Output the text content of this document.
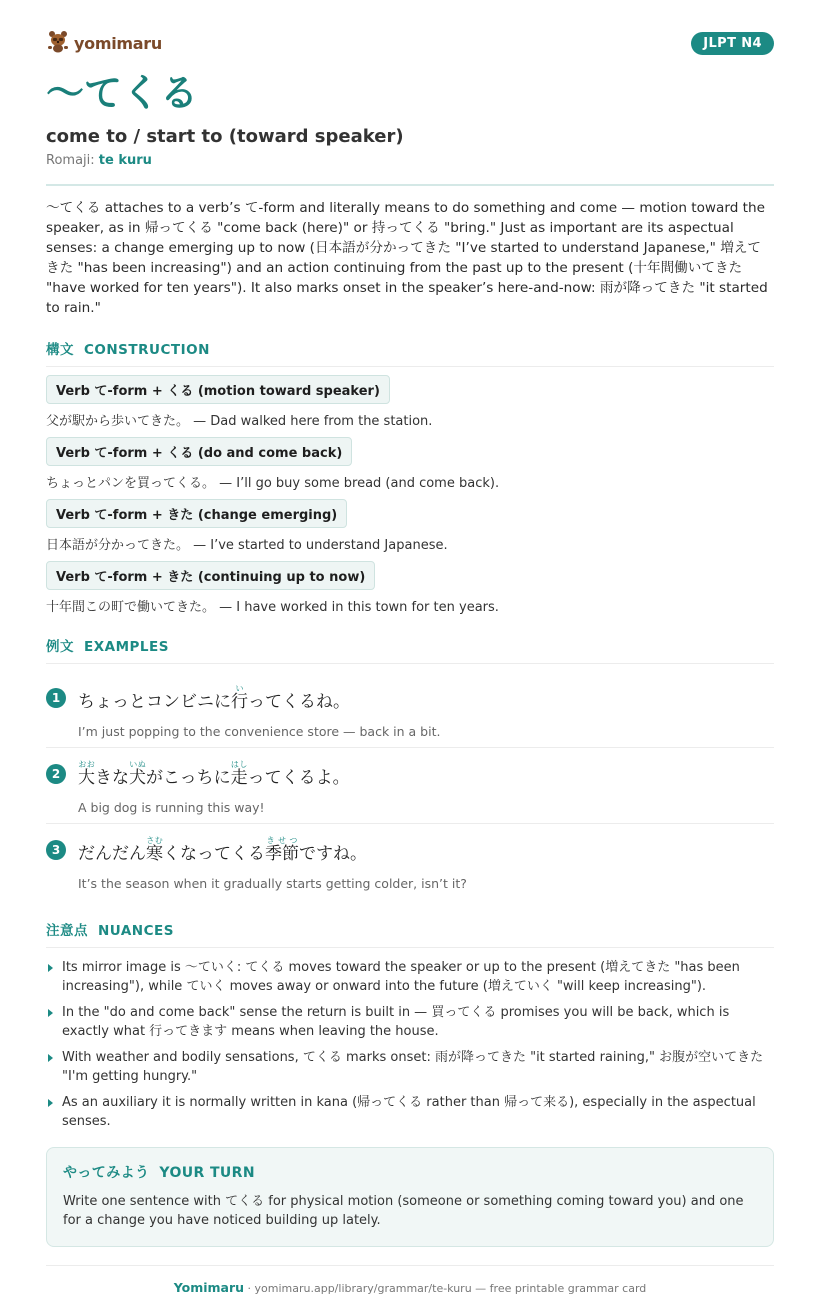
yomimaru	JLPT N4
〜てくる
come to / start to (toward speaker)
Romaji: te kuru

〜てくる attaches to a verb’s て-form and literally means to do something and come — motion toward the speaker, as in 帰ってくる "come back (here)" or 持ってくる "bring." Just as important are its aspectual senses: a change emerging up to now (日本語が分かってきた "I’ve started to understand Japanese," 増えてきた "has been increasing") and an action continuing from the past up to the present (十年間働いてきた "have worked for ten years"). It also marks onset in the speaker’s here-and-now: 雨が降ってきた "it started to rain."

構文 CONSTRUCTION
Verb て-form + くる (motion toward speaker)
父が駅から歩いてきた。 — Dad walked here from the station.
Verb て-form + くる (do and come back)
ちょっとパンを買ってくる。 — I’ll go buy some bread (and come back).
Verb て-form + きた (change emerging)
日本語が分かってきた。 — I’ve started to understand Japanese.
Verb て-form + きた (continuing up to now)
十年間この町で働いてきた。 — I have worked in this town for ten years.
例文 EXAMPLES
1	ちょっとコンビニに行いってくるね。
I’m just popping to the convenience store — back in a bit.
2	大おおきな犬いぬがこっちに走はしってくるよ。
A big dog is running this way!
3	だんだん寒さむくなってくる季節きせつですね。
It’s the season when it gradually starts getting colder, isn’t it?
注意点 NUANCES
Its mirror image is 〜ていく: てくる moves toward the speaker or up to the present (増えてきた "has been increasing"), while ていく moves away or onward into the future (増えていく "will keep increasing").
In the "do and come back" sense the return is built in — 買ってくる promises you will be back, which is exactly what 行ってきます means when leaving the house.
With weather and bodily sensations, てくる marks onset: 雨が降ってきた "it started raining," お腹が空いてきた "I'm getting hungry."
As an auxiliary it is normally written in kana (帰ってくる rather than 帰って来る), especially in the aspectual senses.
やってみよう YOUR TURN
Write one sentence with てくる for physical motion (someone or something coming toward you) and one for a change you have noticed building up lately.
Yomimaru · yomimaru.app/library/grammar/te-kuru — free printable grammar card
